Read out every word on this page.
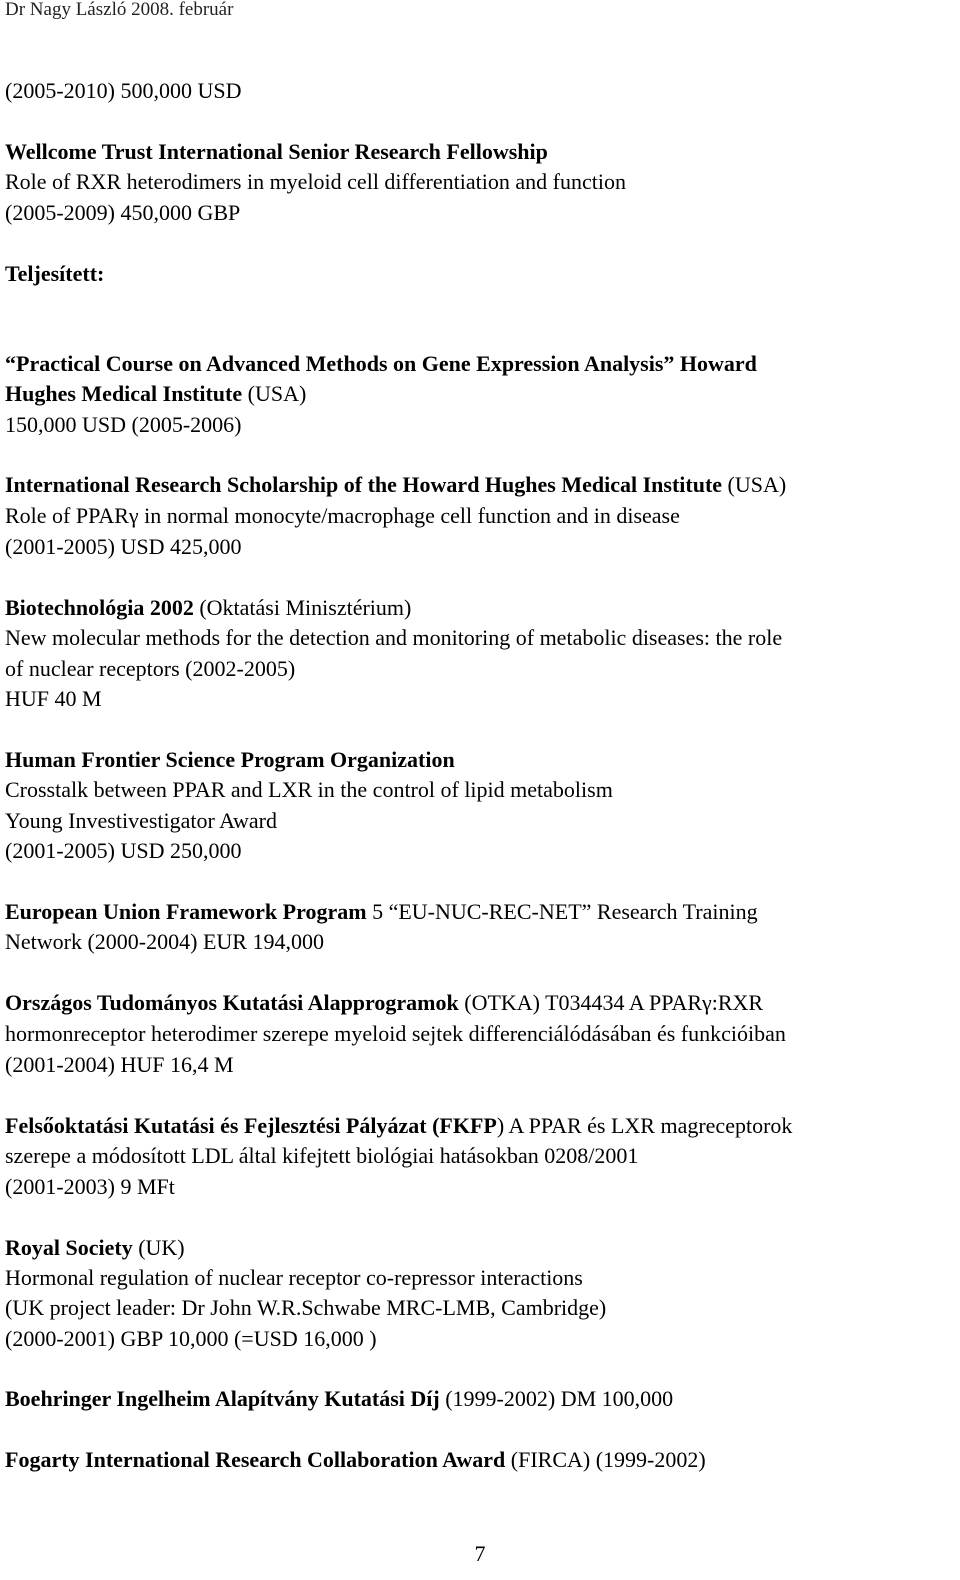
Dr Nagy László 2008. február
(2005-2010) 500,000 USD
Wellcome Trust International Senior Research Fellowship
Role of RXR heterodimers in myeloid cell differentiation and function
(2005-2009) 450,000 GBP
Teljesített:
“Practical Course on Advanced Methods on Gene Expression Analysis” Howard
Hughes Medical Institute (USA)
150,000 USD (2005-2006)
International Research Scholarship of the Howard Hughes Medical Institute (USA)
Role of PPARγ in normal monocyte/macrophage cell function and in disease
(2001-2005) USD 425,000
Biotechnológia 2002 (Oktatási Minisztérium)
New molecular methods for the detection and monitoring of metabolic diseases: the role
of nuclear receptors (2002-2005)
HUF 40 M
Human Frontier Science Program Organization
Crosstalk between PPAR and LXR in the control of lipid metabolism
Young Investivestigator Award
(2001-2005) USD 250,000
European Union Framework Program 5 “EU-NUC-REC-NET” Research Training
Network (2000-2004) EUR 194,000
Országos Tudományos Kutatási Alapprogramok (OTKA) T034434 A PPARγ:RXR
hormonreceptor heterodimer szerepe myeloid sejtek differenciálódásában és funkcióiban
(2001-2004) HUF 16,4 M
Felsőoktatási Kutatási és Fejlesztési Pályázat (FKFP) A PPAR és LXR magreceptorok
szerepe a módosított LDL által kifejtett biológiai hatásokban 0208/2001
(2001-2003) 9 MFt
Royal Society (UK)
Hormonal regulation of nuclear receptor co-repressor interactions
(UK project leader: Dr John W.R.Schwabe MRC-LMB, Cambridge)
(2000-2001) GBP 10,000 (=USD 16,000 )
Boehringer Ingelheim Alapítvány Kutatási Díj (1999-2002) DM 100,000
Fogarty International Research Collaboration Award (FIRCA) (1999-2002)
7
